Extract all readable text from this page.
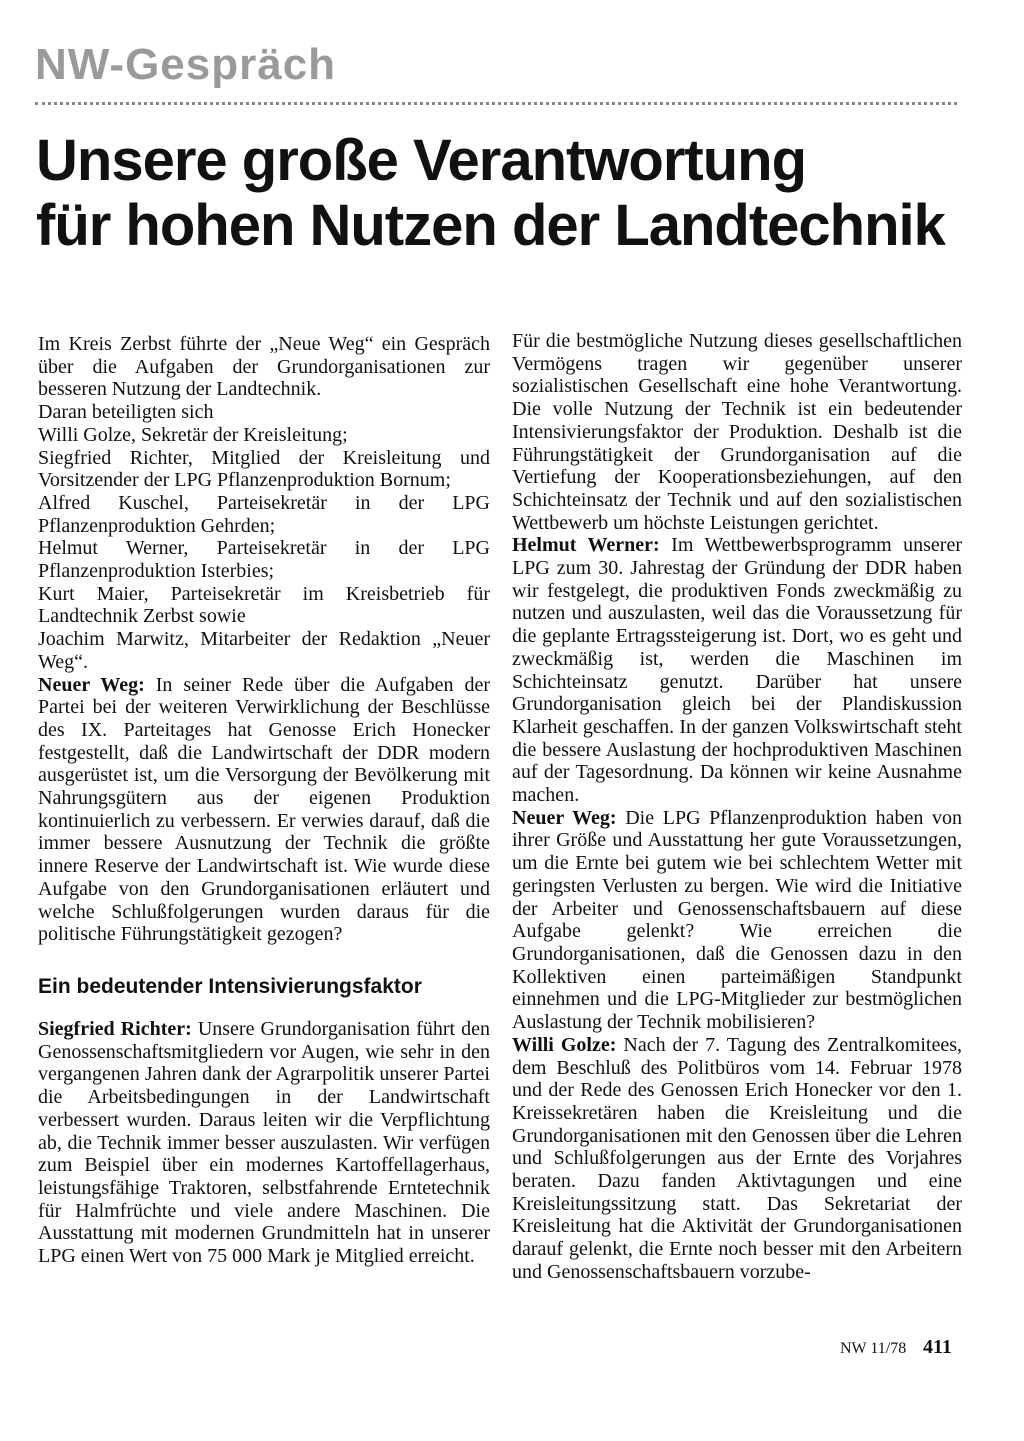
NW-Gespräch
Unsere große Verantwortung
für hohen Nutzen der Landtechnik

Im Kreis Zerbst führte der „Neue Weg“ ein Gespräch über die Aufgaben der Grundorganisationen zur besseren Nutzung der Landtechnik.

Daran beteiligten sich
Willi Golze, Sekretär der Kreisleitung;
Siegfried Richter, Mitglied der Kreisleitung und Vorsitzender der LPG Pflanzenproduktion Bornum;
Alfred Kuschel, Parteisekretär in der LPG Pflanzenproduktion Gehrden;
Helmut Werner, Parteisekretär in der LPG Pflanzenproduktion Isterbies;
Kurt Maier, Parteisekretär im Kreisbetrieb für Landtechnik Zerbst sowie
Joachim Marwitz, Mitarbeiter der Redaktion „Neuer Weg“.

Neuer Weg: In seiner Rede über die Aufgaben der Partei bei der weiteren Verwirklichung der Beschlüsse des IX. Parteitages hat Genosse Erich Honecker festgestellt, daß die Landwirtschaft der DDR modern ausgerüstet ist, um die Versorgung der Bevölkerung mit Nahrungsgütern aus der eigenen Produktion kontinuierlich zu verbessern. Er verwies darauf, daß die immer bessere Ausnutzung der Technik die größte innere Reserve der Landwirtschaft ist. Wie wurde diese Aufgabe von den Grundorganisationen erläutert und welche Schlußfolgerungen wurden daraus für die politische Führungstätigkeit gezogen?

Ein bedeutender Intensivierungsfaktor

Siegfried Richter: Unsere Grundorganisation führt den Genossenschaftsmitgliedern vor Augen, wie sehr in den vergangenen Jahren dank der Agrarpolitik unserer Partei die Arbeitsbedingungen in der Landwirtschaft verbessert wurden. Daraus leiten wir die Verpflichtung ab, die Technik immer besser auszulasten. Wir verfügen zum Beispiel über ein modernes Kartoffellagerhaus, leistungsfähige Traktoren, selbstfahrende Erntetechnik für Halmfrüchte und viele andere Maschinen. Die Ausstattung mit modernen Grundmitteln hat in unserer LPG einen Wert von 75 000 Mark je Mitglied erreicht.

Für die bestmögliche Nutzung dieses gesellschaftlichen Vermögens tragen wir gegenüber unserer sozialistischen Gesellschaft eine hohe Verantwortung. Die volle Nutzung der Technik ist ein bedeutender Intensivierungsfaktor der Produktion. Deshalb ist die Führungstätigkeit der Grundorganisation auf die Vertiefung der Kooperationsbeziehungen, auf den Schichteinsatz der Technik und auf den sozialistischen Wettbewerb um höchste Leistungen gerichtet.

Helmut Werner: Im Wettbewerbsprogramm unserer LPG zum 30. Jahrestag der Gründung der DDR haben wir festgelegt, die produktiven Fonds zweckmäßig zu nutzen und auszulasten, weil das die Voraussetzung für die geplante Ertragssteigerung ist. Dort, wo es geht und zweckmäßig ist, werden die Maschinen im Schichteinsatz genutzt. Darüber hat unsere Grundorganisation gleich bei der Plandiskussion Klarheit geschaffen. In der ganzen Volkswirtschaft steht die bessere Auslastung der hochproduktiven Maschinen auf der Tagesordnung. Da können wir keine Ausnahme machen.

Neuer Weg: Die LPG Pflanzenproduktion haben von ihrer Größe und Ausstattung her gute Voraussetzungen, um die Ernte bei gutem wie bei schlechtem Wetter mit geringsten Verlusten zu bergen. Wie wird die Initiative der Arbeiter und Genossenschaftsbauern auf diese Aufgabe gelenkt? Wie erreichen die Grundorganisationen, daß die Genossen dazu in den Kollektiven einen parteimäßigen Standpunkt einnehmen und die LPG-Mitglieder zur bestmöglichen Auslastung der Technik mobilisieren?

Willi Golze: Nach der 7. Tagung des Zentralkomitees, dem Beschluß des Politbüros vom 14. Februar 1978 und der Rede des Genossen Erich Honecker vor den 1. Kreissekretären haben die Kreisleitung und die Grundorganisationen mit den Genossen über die Lehren und Schlußfolgerungen aus der Ernte des Vorjahres beraten. Dazu fanden Aktivtagungen und eine Kreisleitungssitzung statt. Das Sekretariat der Kreisleitung hat die Aktivität der Grundorganisationen darauf gelenkt, die Ernte noch besser mit den Arbeitern und Genossenschaftsbauern vorzube-

NW 11/78 411
